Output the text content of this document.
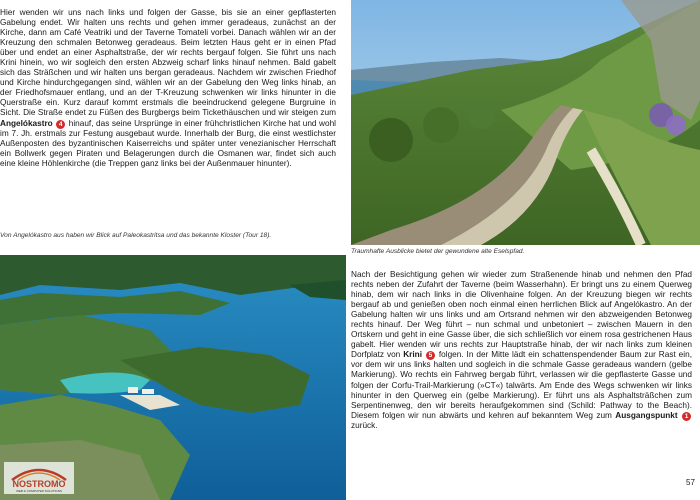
Hier wenden wir uns nach links und folgen der Gasse, bis sie an einer gepflasterten Gabelung endet. Wir halten uns rechts und gehen immer geradeaus, zunächst an der Kirche, dann am Café Veatriki und der Taverne Tomateli vorbei. Danach wählen wir an der Kreuzung den schmalen Betonweg geradeaus. Beim letzten Haus geht er in einen Pfad über und endet an einer Asphaltstraße, der wir rechts bergauf folgen. Sie führt uns nach Krini hinein, wo wir sogleich den ersten Abzweig scharf links hinauf nehmen. Bald gabelt sich das Sträßchen und wir halten uns bergan geradeaus. Nachdem wir zwischen Friedhof und Kirche hindurchgegangen sind, wählen wir an der Gabelung den Weg links hinab, an der Friedhofsmauer entlang, und an der T-Kreuzung schwenken wir links hinunter in die Querstraße ein. Kurz darauf kommt erstmals die beeindruckend gelegene Burgruine in Sicht. Die Straße endet zu Füßen des Burgbergs beim Tickethäuschen und wir steigen zum Angelókastro 4 hinauf, das seine Ursprünge in einer frühchristlichen Kirche hat und wohl im 7. Jh. erstmals zur Festung ausgebaut wurde. Innerhalb der Burg, die einst westlichster Außenposten des byzantinischen Kaiserreichs und später unter venezianischer Herrschaft ein Bollwerk gegen Piraten und Belagerungen durch die Osmanen war, findet sich auch eine kleine Höhlenkirche (die Treppen ganz links bei der Außenmauer hinunter).
Von Angelókastro aus haben wir Blick auf Paleokastritsa und das bekannte Kloster (Tour 18).
Traumhafte Ausblicke bietet der gewundene alte Eselspfad.
Nach der Besichtigung gehen wir wieder zum Straßenende hinab und nehmen den Pfad rechts neben der Zufahrt der Taverne (beim Wasserhahn). Er bringt uns zu einem Querweg hinab, dem wir nach links in die Olivenhaine folgen. An der Kreuzung biegen wir rechts bergauf ab und genießen oben noch einmal einen herrlichen Blick auf Angelókastro. An der Gabelung halten wir uns links und am Ortsrand nehmen wir den abzweigenden Betonweg rechts hinauf. Der Weg führt – nun schmal und unbetoniert – zwischen Mauern in den Ortskern und geht in eine Gasse über, die sich schließlich vor einem rosa gestrichenen Haus gabelt. Hier wenden wir uns rechts zur Hauptstraße hinab, der wir nach links zum kleinen Dorfplatz von Krini 5 folgen. In der Mitte lädt ein schattenspendender Baum zur Rast ein, vor dem wir uns links halten und sogleich in die schmale Gasse geradeaus wandern (gelbe Markierung). Wo rechts ein Fahrweg bergab führt, verlassen wir die gepflasterte Gasse und folgen der Corfu-Trail-Markierung (»CT«) talwärts. Am Ende des Wegs schwenken wir links hinunter in den Querweg ein (gelbe Markierung). Er führt uns als Asphaltsträßchen zum Serpentinenweg, den wir bereits heraufgekommen sind (Schild: Pathway to the Beach). Diesem folgen wir nun abwärts und kehren auf bekanntem Weg zum Ausgangspunkt 1 zurück.
57
NOSTROMO
WEB & COMPUTER SOLUTIONS
